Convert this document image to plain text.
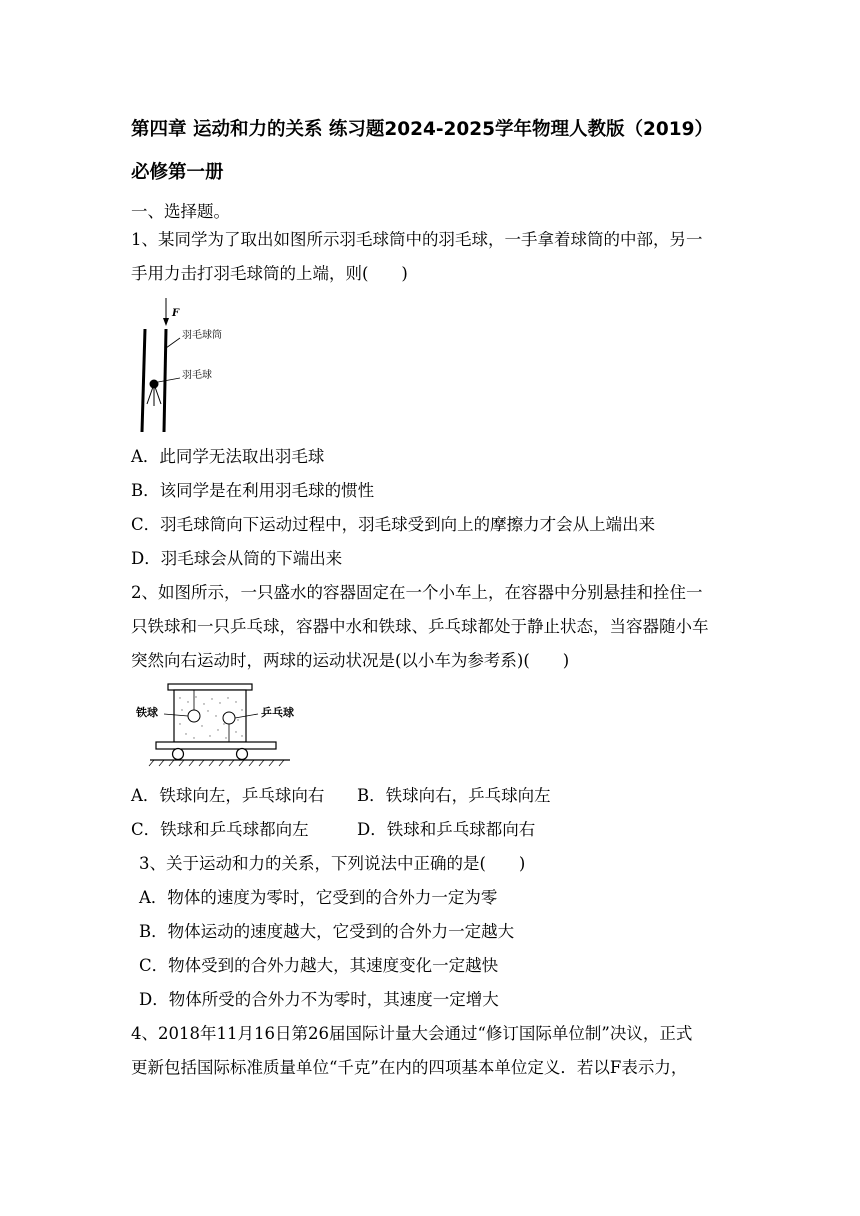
第四章 运动和力的关系 练习题2024-2025学年物理人教版（2019）
必修第一册
一、选择题。
1、某同学为了取出如图所示羽毛球筒中的羽毛球，一手拿着球筒的中部，另一
手用力击打羽毛球筒的上端，则(　　)
F
羽毛球筒
羽毛球
A．此同学无法取出羽毛球
B．该同学是在利用羽毛球的惯性
C．羽毛球筒向下运动过程中，羽毛球受到向上的摩擦力才会从上端出来
D．羽毛球会从筒的下端出来
2、如图所示，一只盛水的容器固定在一个小车上，在容器中分别悬挂和拴住一
只铁球和一只乒乓球，容器中水和铁球、乒乓球都处于静止状态，当容器随小车
突然向右运动时，两球的运动状况是(以小车为参考系)(　　)
铁球	乒乓球
A．铁球向左，乒乓球向右 B．铁球向右，乒乓球向左
C．铁球和乒乓球都向左	D．铁球和乒乓球都向右
3、关于运动和力的关系，下列说法中正确的是(　　)
A．物体的速度为零时，它受到的合外力一定为零
B．物体运动的速度越大，它受到的合外力一定越大
C．物体受到的合外力越大，其速度变化一定越快
D．物体所受的合外力不为零时，其速度一定增大
4、2018年11月16日第26届国际计量大会通过“修订国际单位制”决议，正式
更新包括国际标准质量单位“千克”在内的四项基本单位定义．若以F表示力，
